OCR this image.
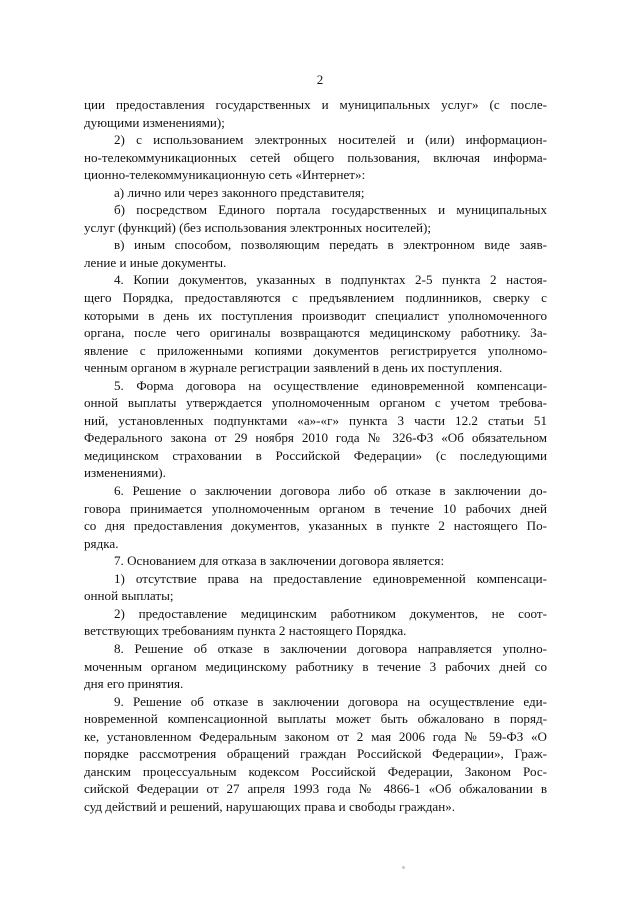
2

ции предоставления государственных и муниципальных услуг» (с после-
дующими изменениями);

2) с использованием электронных носителей и (или) информацион-
но-телекоммуникационных сетей общего пользования, включая информа-
ционно-телекоммуникационную сеть «Интернет»:

а) лично или через законного представителя;

б) посредством Единого портала государственных и муниципальных
услуг (функций) (без использования электронных носителей);

в) иным способом, позволяющим передать в электронном виде заяв-
ление и иные документы.

4. Копии документов, указанных в подпунктах 2-5 пункта 2 настоя-
щего Порядка, предоставляются с предъявлением подлинников, сверку с
которыми в день их поступления производит специалист уполномоченного
органа, после чего оригиналы возвращаются медицинскому работнику. За-
явление с приложенными копиями документов регистрируется уполномо-
ченным органом в журнале регистрации заявлений в день их поступления.

5. Форма договора на осуществление единовременной компенсаци-
онной выплаты утверждается уполномоченным органом с учетом требова-
ний, установленных подпунктами «а»-«г» пункта 3 части 12.2 статьи 51
Федерального закона от 29 ноября 2010 года № 326-ФЗ «Об обязательном
медицинском страховании в Российской Федерации» (с последующими
изменениями).

6. Решение о заключении договора либо об отказе в заключении до-
говора принимается уполномоченным органом в течение 10 рабочих дней
со дня предоставления документов, указанных в пункте 2 настоящего По-
рядка.

7. Основанием для отказа в заключении договора является:

1) отсутствие права на предоставление единовременной компенсаци-
онной выплаты;

2) предоставление медицинским работником документов, не соот-
ветствующих требованиям пункта 2 настоящего Порядка.

8. Решение об отказе в заключении договора направляется уполно-
моченным органом медицинскому работнику в течение 3 рабочих дней со
дня его принятия.

9. Решение об отказе в заключении договора на осуществление еди-
новременной компенсационной выплаты может быть обжаловано в поряд-
ке, установленном Федеральным законом от 2 мая 2006 года № 59-ФЗ «О
порядке рассмотрения обращений граждан Российской Федерации», Граж-
данским процессуальным кодексом Российской Федерации, Законом Рос-
сийской Федерации от 27 апреля 1993 года № 4866-1 «Об обжаловании в
суд действий и решений, нарушающих права и свободы граждан».
